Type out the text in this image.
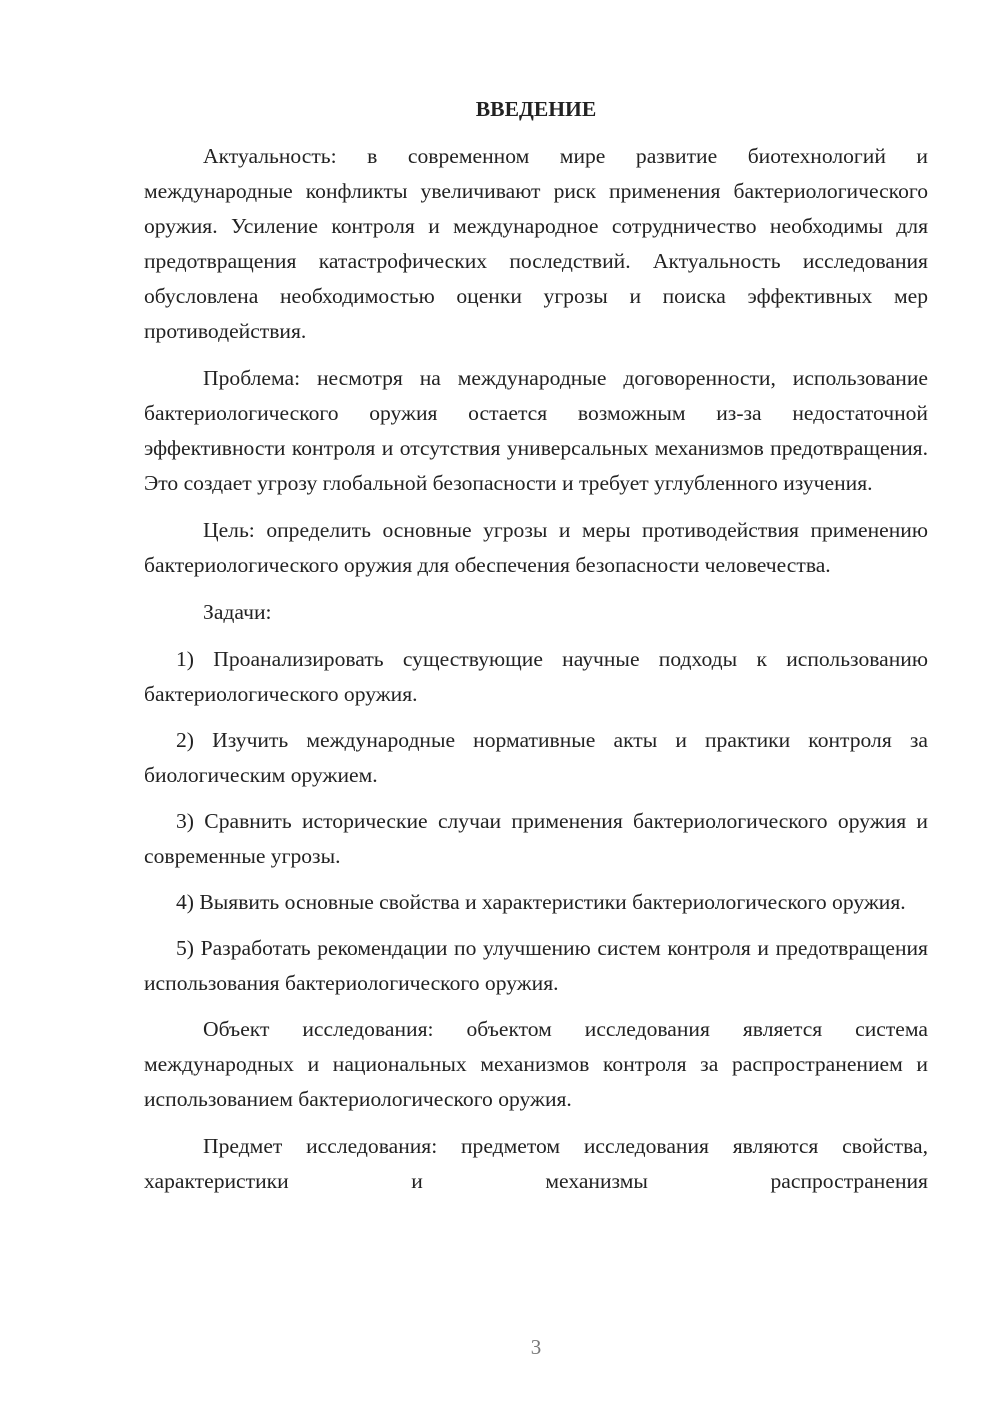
ВВЕДЕНИЕ

Актуальность: в современном мире развитие биотехнологий и международные конфликты увеличивают риск применения бактериологического оружия. Усиление контроля и международное сотрудничество необходимы для предотвращения катастрофических последствий. Актуальность исследования обусловлена необходимостью оценки угрозы и поиска эффективных мер противодействия.

Проблема: несмотря на международные договоренности, использование бактериологического оружия остается возможным из-за недостаточной эффективности контроля и отсутствия универсальных механизмов предотвращения. Это создает угрозу глобальной безопасности и требует углубленного изучения.

Цель: определить основные угрозы и меры противодействия применению бактериологического оружия для обеспечения безопасности человечества.

Задачи:

1) Проанализировать существующие научные подходы к использованию бактериологического оружия.

2) Изучить международные нормативные акты и практики контроля за биологическим оружием.

3) Сравнить исторические случаи применения бактериологического оружия и современные угрозы.

4) Выявить основные свойства и характеристики бактериологического оружия.

5) Разработать рекомендации по улучшению систем контроля и предотвращения использования бактериологического оружия.

Объект исследования: объектом исследования является система международных и национальных механизмов контроля за распространением и использованием бактериологического оружия.

Предмет исследования: предметом исследования являются свойства, характеристики и механизмы распространения

3
